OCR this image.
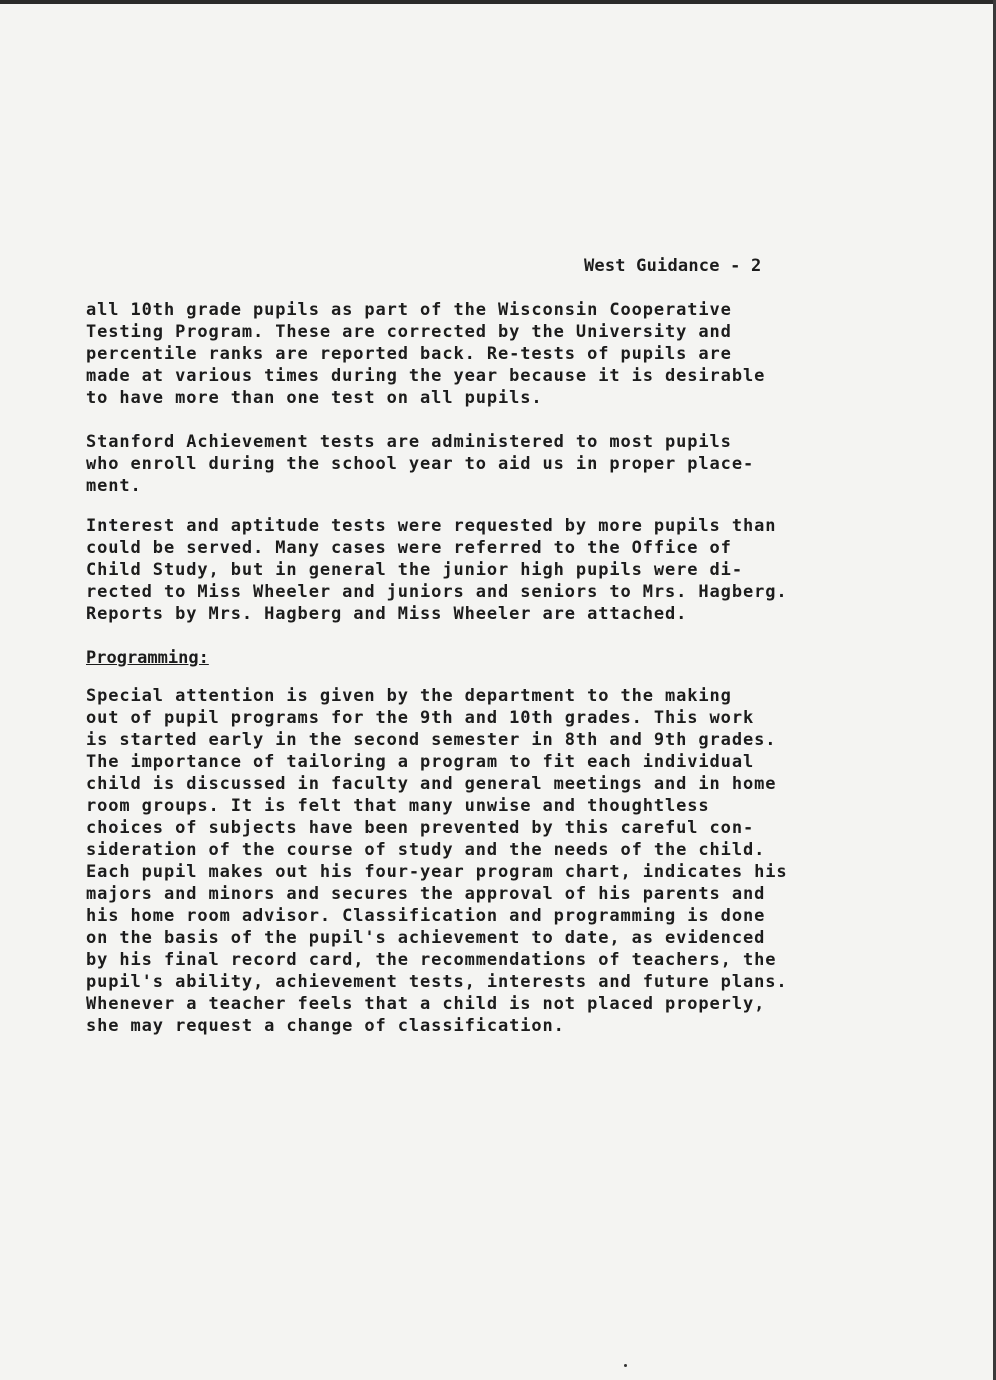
West Guidance - 2
all 10th grade pupils as part of the Wisconsin Cooperative
Testing Program. These are corrected by the University and
percentile ranks are reported back. Re-tests of pupils are
made at various times during the year because it is desirable
to have more than one test on all pupils.
Stanford Achievement tests are administered to most pupils
who enroll during the school year to aid us in proper place-
ment.
Interest and aptitude tests were requested by more pupils than
could be served. Many cases were referred to the Office of
Child Study, but in general the junior high pupils were di-
rected to Miss Wheeler and juniors and seniors to Mrs. Hagberg.
Reports by Mrs. Hagberg and Miss Wheeler are attached.
Programming:
Special attention is given by the department to the making
out of pupil programs for the 9th and 10th grades. This work
is started early in the second semester in 8th and 9th grades.
The importance of tailoring a program to fit each individual
child is discussed in faculty and general meetings and in home
room groups. It is felt that many unwise and thoughtless
choices of subjects have been prevented by this careful con-
sideration of the course of study and the needs of the child.
Each pupil makes out his four-year program chart, indicates his
majors and minors and secures the approval of his parents and
his home room advisor. Classification and programming is done
on the basis of the pupil's achievement to date, as evidenced
by his final record card, the recommendations of teachers, the
pupil's ability, achievement tests, interests and future plans.
Whenever a teacher feels that a child is not placed properly,
she may request a change of classification.
